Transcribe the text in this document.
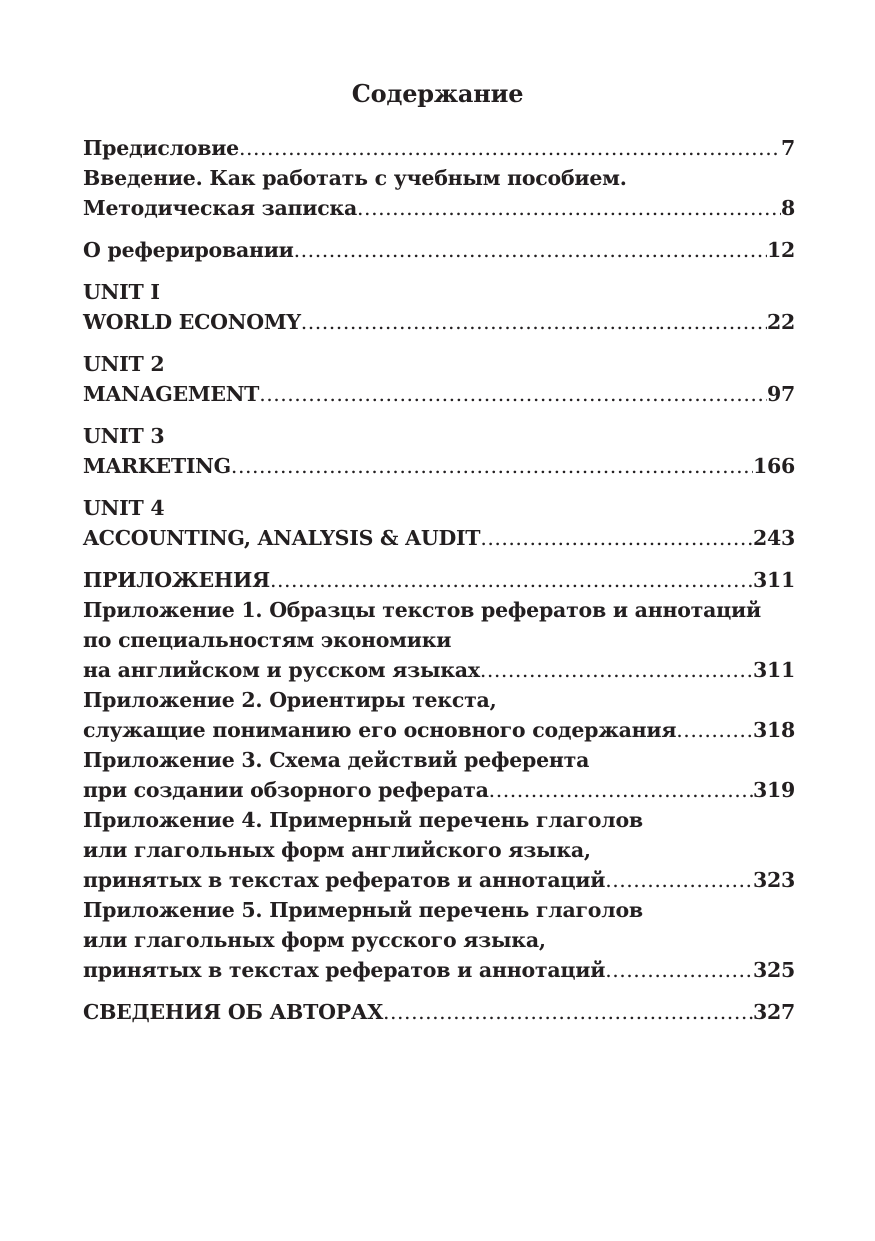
Содержание
Предисловие .....	7
Введение. Как работать с учебным пособием.
Методическая записка .....	8
О реферировании .....	12
UNIT I
WORLD ECONOMY .....	22
UNIT 2
MANAGEMENT .....	97
UNIT 3
MARKETING .....	166
UNIT 4
ACCOUNTING, ANALYSIS & AUDIT .....	243
ПРИЛОЖЕНИЯ .....	311
Приложение 1. Образцы текстов рефератов и аннотаций
по специальностям экономики
на английском и русском языках .....	311
Приложение 2. Ориентиры текста,
служащие пониманию его основного содержания .....	318
Приложение 3. Схема действий референта
при создании обзорного реферата .....	319
Приложение 4. Примерный перечень глаголов
или глагольных форм английского языка,
принятых в текстах рефератов и аннотаций .....	323
Приложение 5. Примерный перечень глаголов
или глагольных форм русского языка,
принятых в текстах рефератов и аннотаций .....	325
СВЕДЕНИЯ ОБ АВТОРАХ .....	327
